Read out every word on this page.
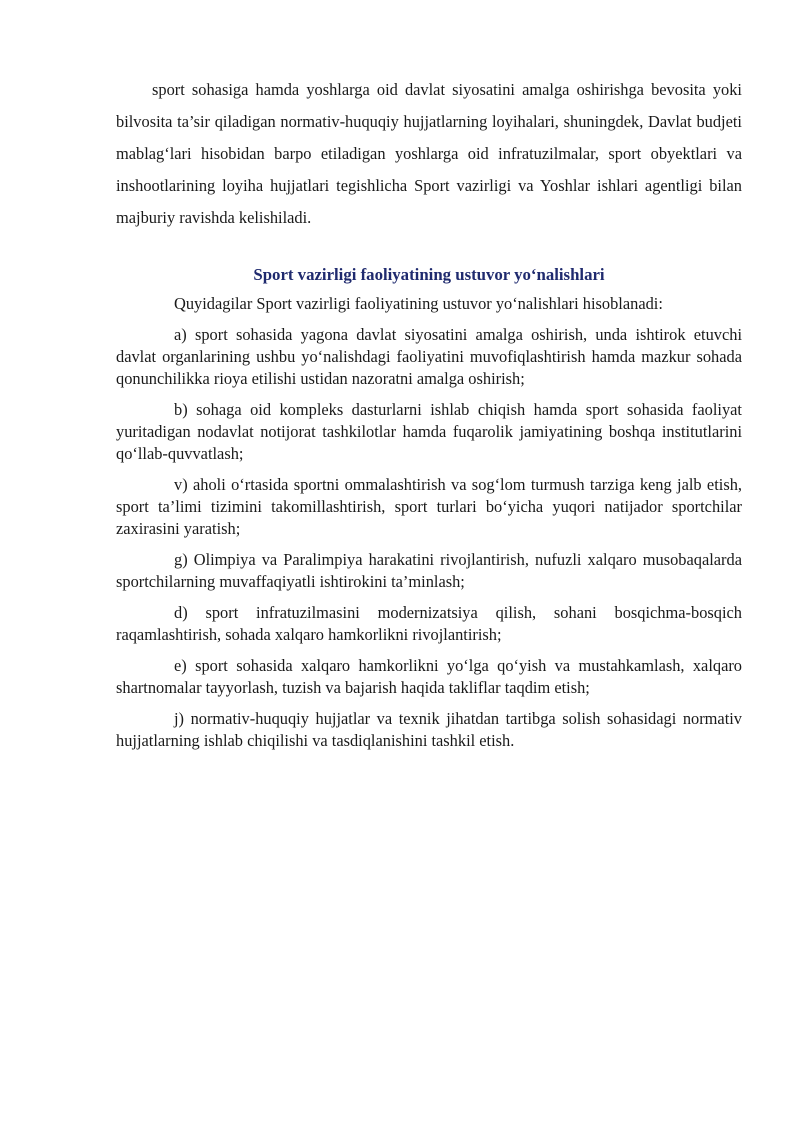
sport sohasiga hamda yoshlarga oid davlat siyosatini amalga oshirishga bevosita yoki bilvosita ta’sir qiladigan normativ-huquqiy hujjatlarning loyihalari, shuningdek, Davlat budjeti mablag‘lari hisobidan barpo etiladigan yoshlarga oid infratuzilmalar, sport obyektlari va inshootlarining loyiha hujjatlari tegishlicha Sport vazirligi va Yoshlar ishlari agentligi bilan majburiy ravishda kelishiladi.

Sport vazirligi faoliyatining ustuvor yo‘nalishlari

Quyidagilar Sport vazirligi faoliyatining ustuvor yo‘nalishlari hisoblanadi:

a) sport sohasida yagona davlat siyosatini amalga oshirish, unda ishtirok etuvchi davlat organlarining ushbu yo‘nalishdagi faoliyatini muvofiqlashtirish hamda mazkur sohada qonunchilikka rioya etilishi ustidan nazoratni amalga oshirish;

b) sohaga oid kompleks dasturlarni ishlab chiqish hamda sport sohasida faoliyat yuritadigan nodavlat notijorat tashkilotlar hamda fuqarolik jamiyatining boshqa institutlarini qo‘llab-quvvatlash;

v) aholi o‘rtasida sportni ommalashtirish va sog‘lom turmush tarziga keng jalb etish, sport ta’limi tizimini takomillashtirish, sport turlari bo‘yicha yuqori natijador sportchilar zaxirasini yaratish;

g) Olimpiya va Paralimpiya harakatini rivojlantirish, nufuzli xalqaro musobaqalarda sportchilarning muvaffaqiyatli ishtirokini ta’minlash;

d) sport infratuzilmasini modernizatsiya qilish, sohani bosqichma-bosqich raqamlashtirish, sohada xalqaro hamkorlikni rivojlantirish;

e) sport sohasida xalqaro hamkorlikni yo‘lga qo‘yish va mustahkamlash, xalqaro shartnomalar tayyorlash, tuzish va bajarish haqida takliflar taqdim etish;

j) normativ-huquqiy hujjatlar va texnik jihatdan tartibga solish sohasidagi normativ hujjatlarning ishlab chiqilishi va tasdiqlanishini tashkil etish.
